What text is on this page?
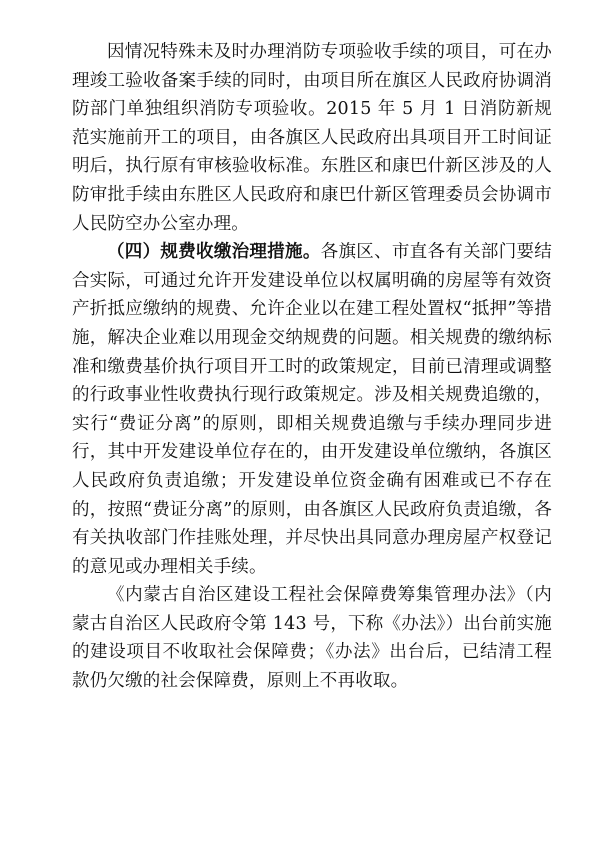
因情况特殊未及时办理消防专项验收手续的项目，可在办理竣工验收备案手续的同时，由项目所在旗区人民政府协调消防部门单独组织消防专项验收。2015 年 5 月 1 日消防新规范实施前开工的项目，由各旗区人民政府出具项目开工时间证明后，执行原有审核验收标准。东胜区和康巴什新区涉及的人防审批手续由东胜区人民政府和康巴什新区管理委员会协调市人民防空办公室办理。

（四）规费收缴治理措施。各旗区、市直各有关部门要结合实际，可通过允许开发建设单位以权属明确的房屋等有效资产折抵应缴纳的规费、允许企业以在建工程处置权“抵押”等措施，解决企业难以用现金交纳规费的问题。相关规费的缴纳标准和缴费基价执行项目开工时的政策规定，目前已清理或调整的行政事业性收费执行现行政策规定。涉及相关规费追缴的，实行“费证分离”的原则，即相关规费追缴与手续办理同步进行，其中开发建设单位存在的，由开发建设单位缴纳，各旗区人民政府负责追缴；开发建设单位资金确有困难或已不存在的，按照“费证分离”的原则，由各旗区人民政府负责追缴，各有关执收部门作挂账处理，并尽快出具同意办理房屋产权登记的意见或办理相关手续。

《内蒙古自治区建设工程社会保障费筹集管理办法》（内蒙古自治区人民政府令第 143 号，下称《办法》）出台前实施的建设项目不收取社会保障费；《办法》出台后，已结清工程款仍欠缴的社会保障费，原则上不再收取。
